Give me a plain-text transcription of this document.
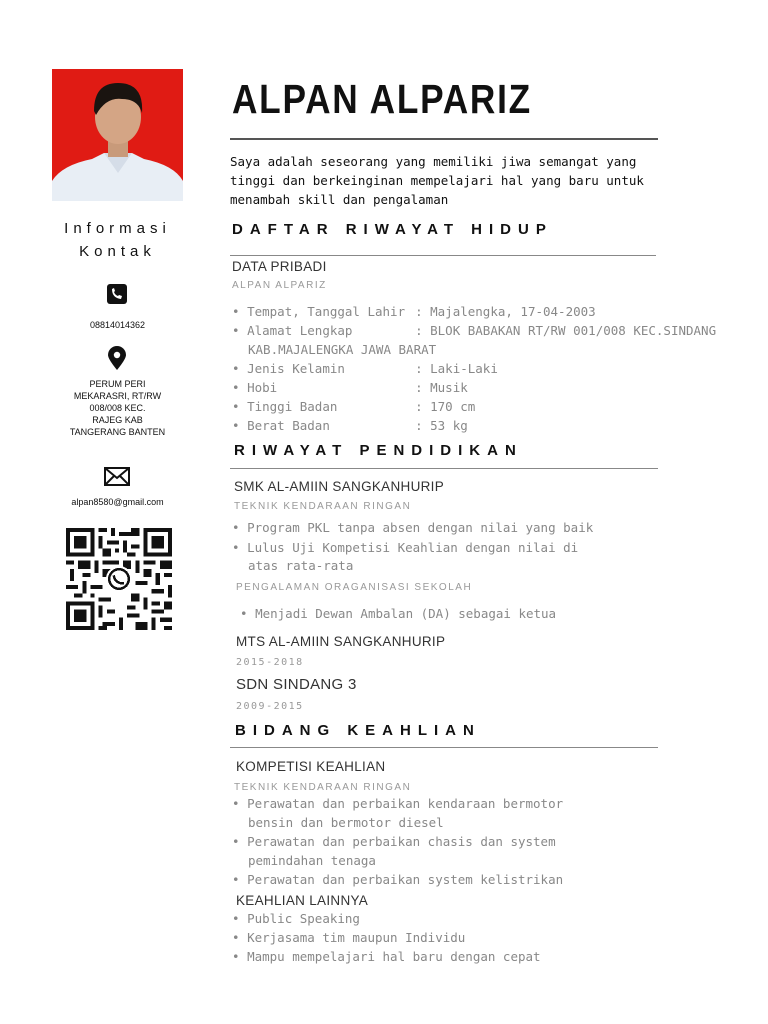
Informasi
Kontak
08814014362
PERUM PERI
MEKARASRI, RT/RW
008/008 KEC.
RAJEG KAB
TANGERANG BANTEN
alpan8580@gmail.com
ALPAN ALPARIZ
Saya adalah seseorang yang memiliki jiwa semangat yang tinggi dan berkeinginan mempelajari hal yang baru untuk menambah skill dan pengalaman
DAFTAR RIWAYAT HIDUP
DATA PRIBADI
ALPAN ALPARIZ
• Tempat, Tanggal Lahir : Majalengka, 17-04-2003
• Alamat Lengkap	: BLOK BABAKAN RT/RW 001/008 KEC.SINDANG
KAB.MAJALENGKA JAWA BARAT
• Jenis Kelamin	: Laki-Laki
• Hobi	: Musik
• Tinggi Badan	: 170 cm
• Berat Badan	: 53 kg
RIWAYAT PENDIDIKAN
SMK AL-AMIIN SANGKANHURIP
TEKNIK KENDARAAN RINGAN
• Program PKL tanpa absen dengan nilai yang baik
• Lulus Uji Kompetisi Keahlian dengan nilai di
atas rata-rata
PENGALAMAN ORAGANISASI SEKOLAH
• Menjadi Dewan Ambalan (DA) sebagai ketua
MTS AL-AMIIN SANGKANHURIP
2015-2018
SDN SINDANG 3
2009-2015
BIDANG KEAHLIAN
KOMPETISI KEAHLIAN
TEKNIK KENDARAAN RINGAN
• Perawatan dan perbaikan kendaraan bermotor
bensin dan bermotor diesel
• Perawatan dan perbaikan chasis dan system
pemindahan tenaga
• Perawatan dan perbaikan system kelistrikan
KEAHLIAN LAINNYA
• Public Speaking
• Kerjasama tim maupun Individu
• Mampu mempelajari hal baru dengan cepat
